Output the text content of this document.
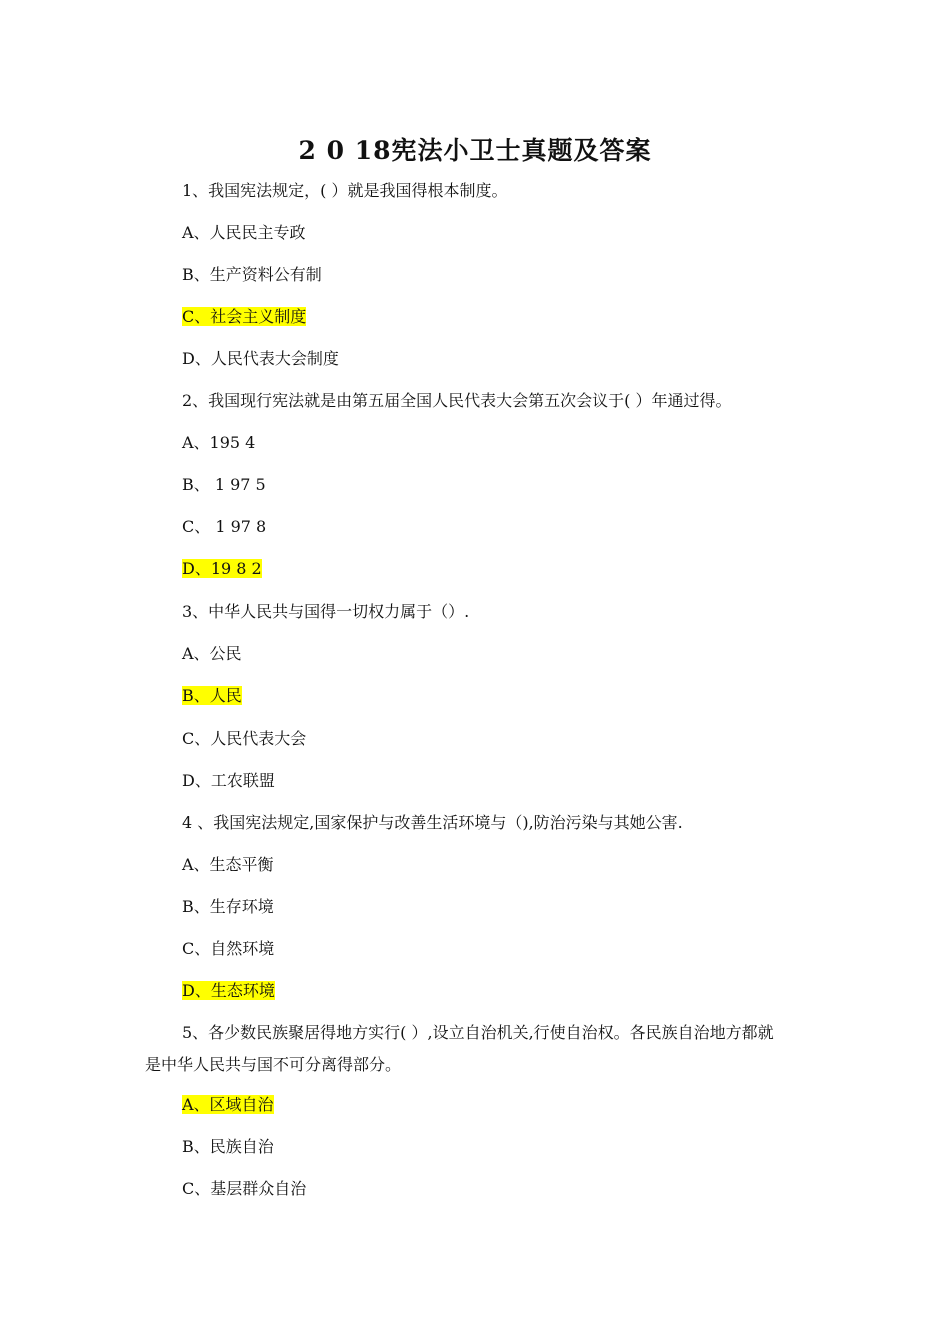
2 0 18宪法小卫士真题及答案
1、我国宪法规定，( ）就是我国得根本制度。
A、人民民主专政
B、生产资料公有制
C、社会主义制度
D、人民代表大会制度
2、我国现行宪法就是由第五届全国人民代表大会第五次会议于( ）年通过得。
A、195 4
B、 1 97 5
C、 1 97 8
D、19 8 2
3、中华人民共与国得一切权力属于（）.
A、公民
B、人民
C、人民代表大会
D、工农联盟
4 、我国宪法规定,国家保护与改善生活环境与（),防治污染与其她公害.
A、生态平衡
B、生存环境
C、自然环境
D、生态环境
5、各少数民族聚居得地方实行( ）,设立自治机关,行使自治权。各民族自治地方都就
是中华人民共与国不可分离得部分。
A、区域自治
B、民族自治
C、基层群众自治
